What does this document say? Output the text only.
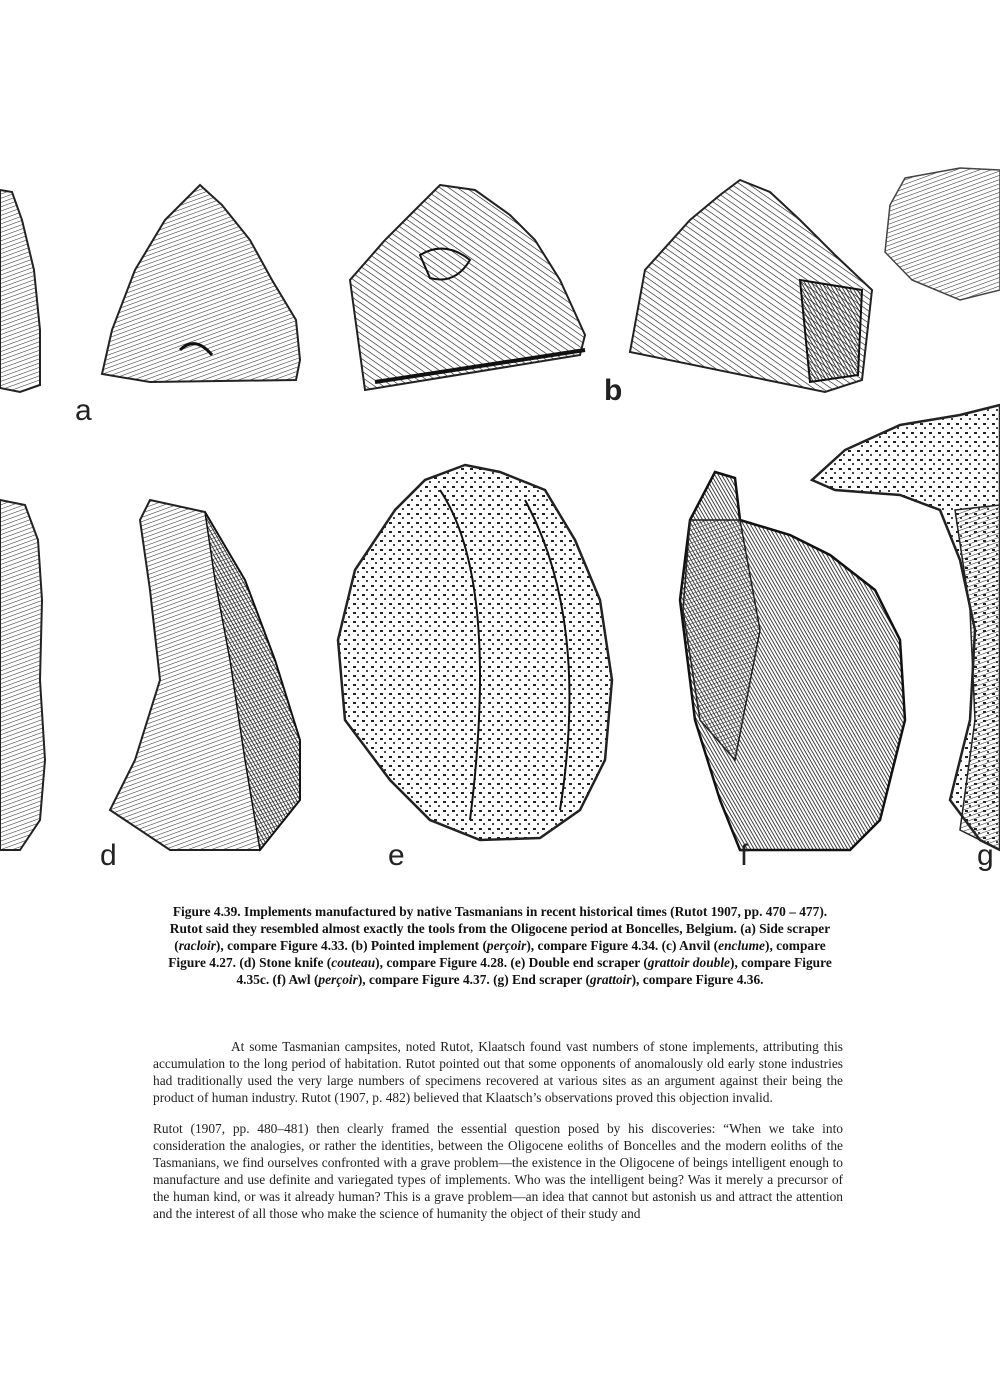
a
b
d	e	f	g
Figure 4.39. Implements manufactured by native Tasmanians in recent historical times (Rutot 1907, pp. 470 – 477). Rutot said they resembled almost exactly the tools from the Oligocene period at Boncelles, Belgium. (a) Side scraper (racloir), compare Figure 4.33. (b) Pointed implement (perçoir), compare Figure 4.34. (c) Anvil (enclume), compare Figure 4.27. (d) Stone knife (couteau), compare Figure 4.28. (e) Double end scraper (grattoir double), compare Figure 4.35c. (f) Awl (perçoir), compare Figure 4.37. (g) End scraper (grattoir), compare Figure 4.36.

At some Tasmanian campsites, noted Rutot, Klaatsch found vast numbers of stone implements, attributing this accumulation to the long period of habitation. Rutot pointed out that some opponents of anomalously old early stone industries had traditionally used the very large numbers of specimens recovered at various sites as an argument against their being the product of human industry. Rutot (1907, p. 482) believed that Klaatsch’s observations proved this objection invalid.

Rutot (1907, pp. 480–481) then clearly framed the essential question posed by his discoveries: “When we take into consideration the analogies, or rather the identities, between the Oligocene eoliths of Boncelles and the modern eoliths of the Tasmanians, we find ourselves confronted with a grave problem—the existence in the Oligocene of beings intelligent enough to manufacture and use definite and variegated types of implements. Who was the intelligent being? Was it merely a precursor of the human kind, or was it already human? This is a grave problem—an idea that cannot but astonish us and attract the attention and the interest of all those who make the science of humanity the object of their study and
